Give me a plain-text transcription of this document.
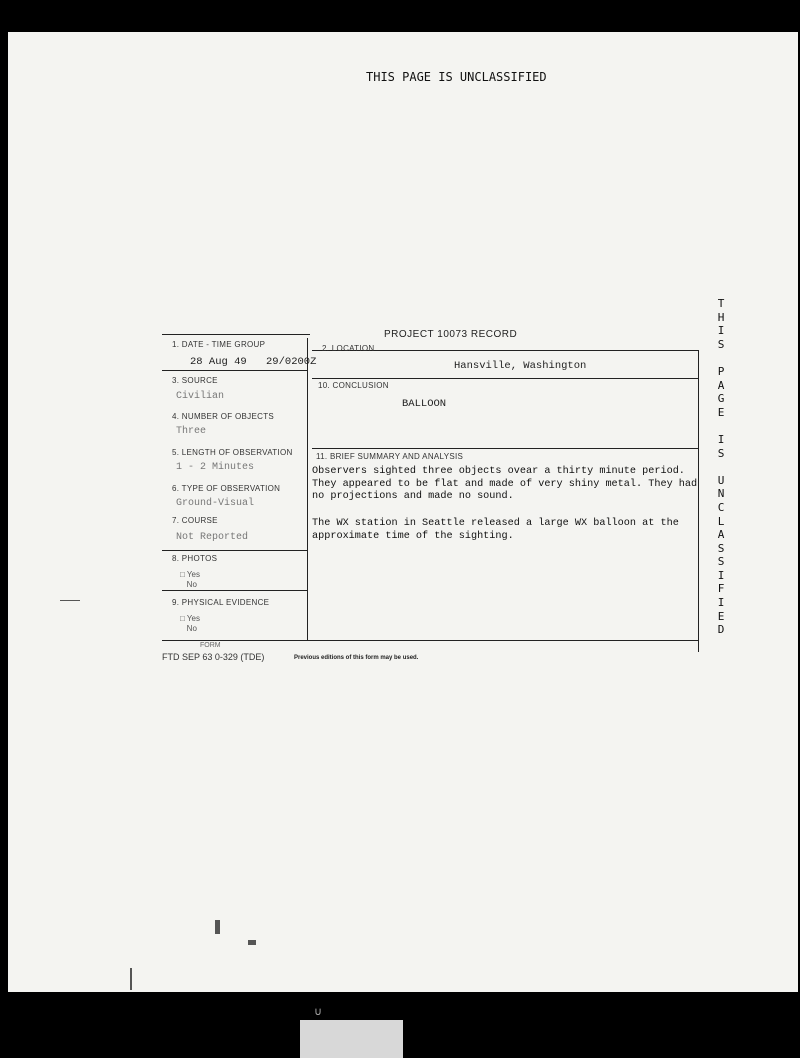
THIS PAGE IS UNCLASSIFIED
T
H
I
S
P
A
G
E
I
S
U
N
C
L
A
S
S
I
F
I
E
D
PROJECT 10073 RECORD
1. DATE - TIME GROUP
28 Aug 49 29/0200Z
3. SOURCE
Civilian
4. NUMBER OF OBJECTS
Three
5. LENGTH OF OBSERVATION
1 - 2 Minutes
6. TYPE OF OBSERVATION
Ground-Visual
7. COURSE
Not Reported
8. PHOTOS
□ Yes
No
9. PHYSICAL EVIDENCE
□ Yes
No
2. LOCATION
Hansville, Washington
10. CONCLUSION
BALLOON
11. BRIEF SUMMARY AND ANALYSIS
Observers sighted three objects ovear a thirty minute period.
They appeared to be flat and made of very shiny metal. They had
no projections and made no sound.
The WX station in Seattle released a large WX balloon at the
approximate time of the sighting.
FORM
FTD SEP 63 0-329 (TDE)	Previous editions of this form may be used.
∪
